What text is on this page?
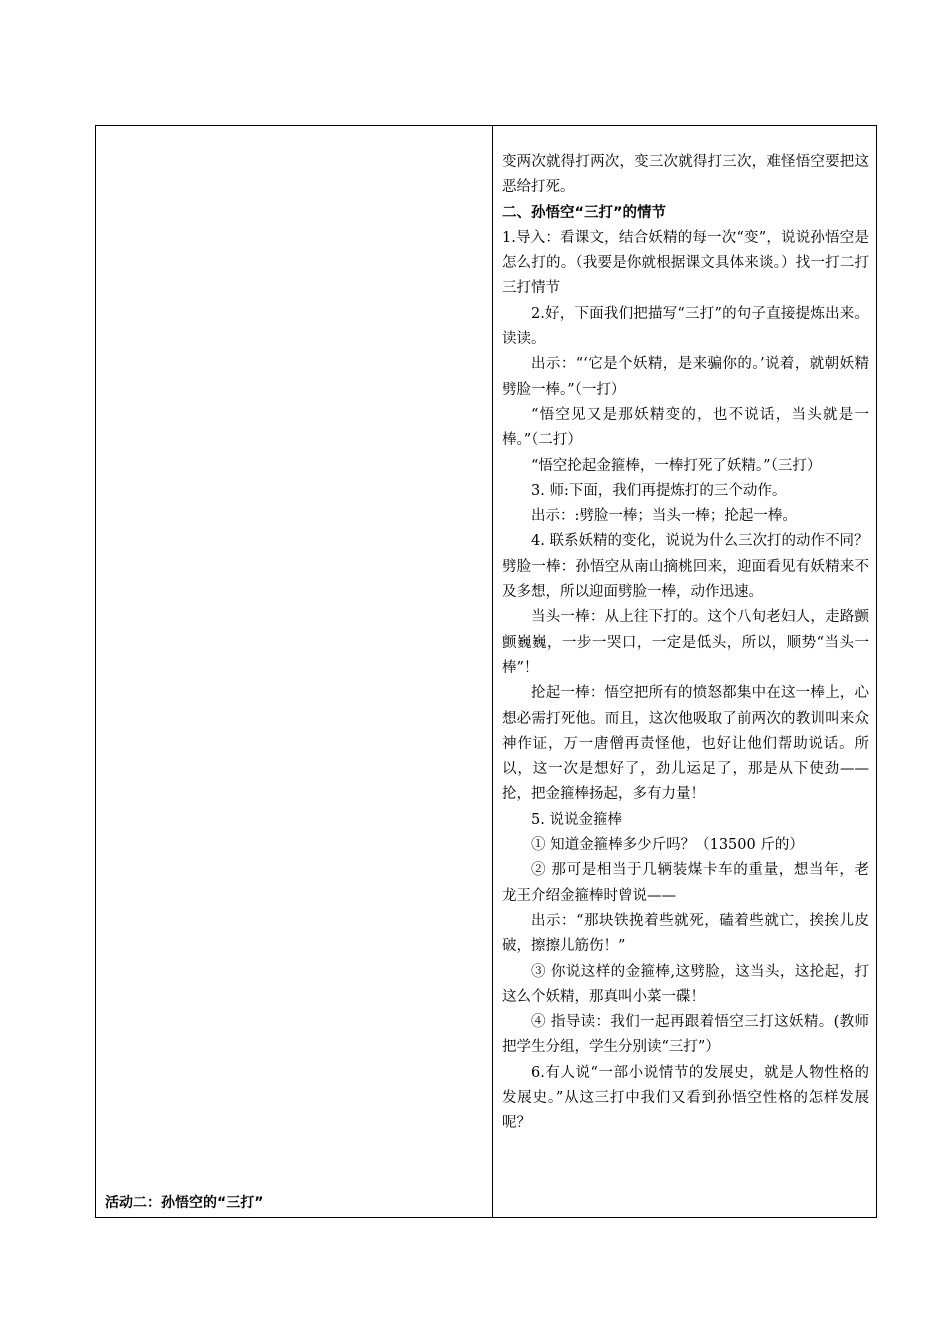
活动二：孙悟空的“三打”

变两次就得打两次，变三次就得打三次，难怪悟空要把这恶给打死。

二、孙悟空“三打”的情节

1.导入：看课文，结合妖精的每一次“变”，说说孙悟空是怎么打的。（我要是你就根据课文具体来谈。）找一打二打三打情节

2.好，下面我们把描写“三打”的句子直接提炼出来。读读。

出示：“‘它是个妖精，是来骗你的。’说着，就朝妖精劈脸一棒。”（一打）

“悟空见又是那妖精变的，也不说话，当头就是一棒。”（二打）

“悟空抡起金箍棒，一棒打死了妖精。”（三打）

3. 师:下面，我们再提炼打的三个动作。

出示：:劈脸一棒；当头一棒；抡起一棒。

4. 联系妖精的变化，说说为什么三次打的动作不同？

劈脸一棒：孙悟空从南山摘桃回来，迎面看见有妖精来不及多想，所以迎面劈脸一棒，动作迅速。

当头一棒：从上往下打的。这个八旬老妇人，走路颤颤巍巍，一步一哭口，一定是低头，所以，顺势“当头一棒”！

抡起一棒：悟空把所有的愤怒都集中在这一棒上，心想必需打死他。而且，这次他吸取了前两次的教训叫来众神作证，万一唐僧再责怪他，也好让他们帮助说话。所以，这一次是想好了，劲儿运足了，那是从下使劲——抡，把金箍棒扬起，多有力量！

5. 说说金箍棒

① 知道金箍棒多少斤吗？（13500 斤的）

② 那可是相当于几辆装煤卡车的重量，想当年，老龙王介绍金箍棒时曾说——

出示：“那块铁挽着些就死，磕着些就亡，挨挨儿皮破，擦擦儿筋伤！”

③ 你说这样的金箍棒,这劈脸，这当头，这抡起，打这么个妖精，那真叫小菜一碟！

④ 指导读：我们一起再跟着悟空三打这妖精。(教师把学生分组，学生分别读“三打”）

6.有人说“一部小说情节的发展史，就是人物性格的发展史。”从这三打中我们又看到孙悟空性格的怎样发展呢？
